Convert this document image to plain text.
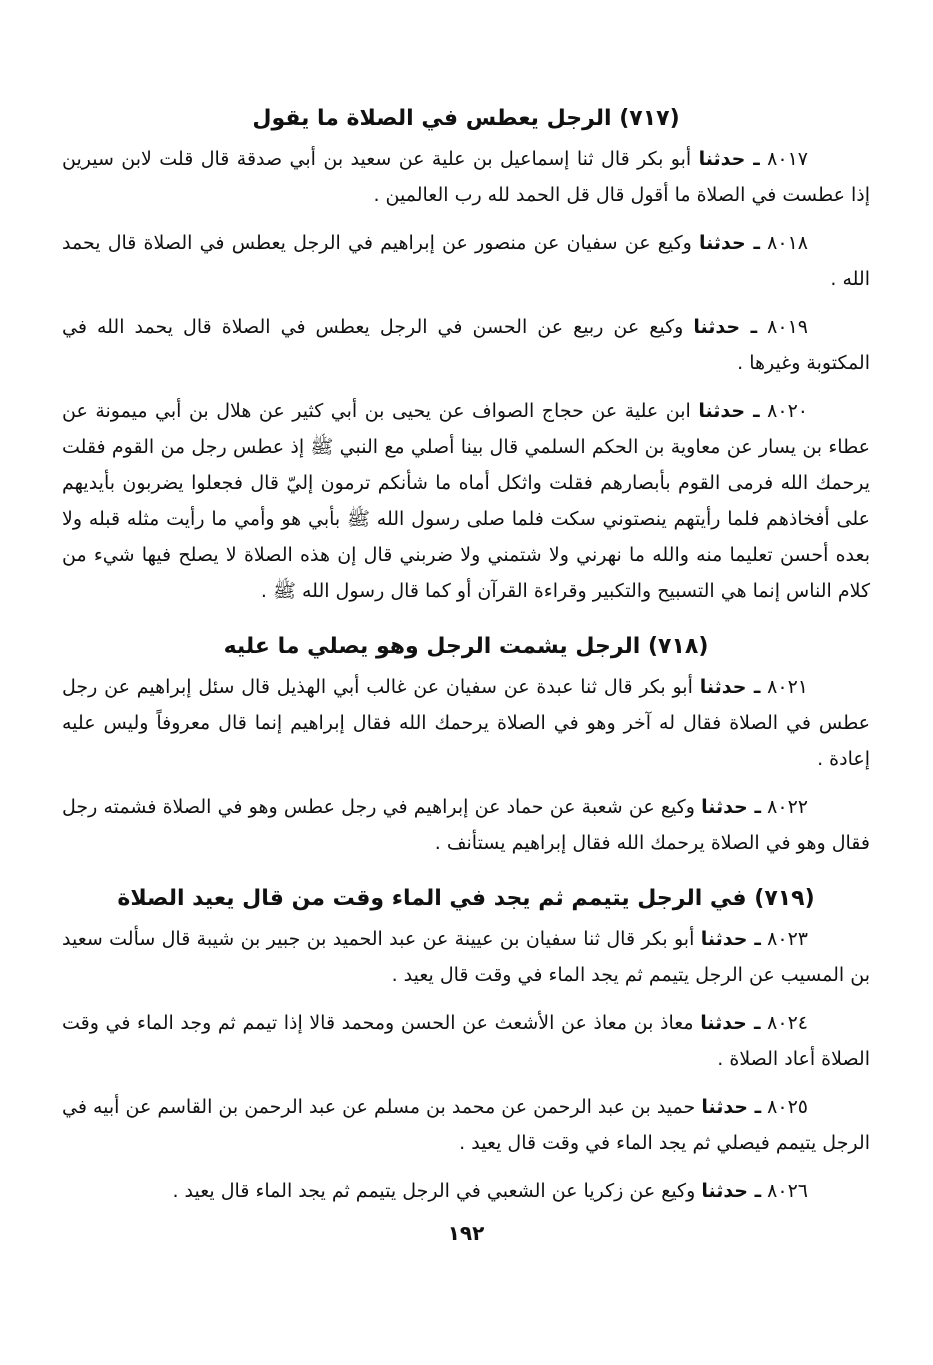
(٧١٧) الرجل يعطس في الصلاة ما يقول

٨٠١٧ ـ حدثنا أبو بكر قال ثنا إسماعيل بن علية عن سعيد بن أبي صدقة قال قلت لابن سيرين إذا عطست في الصلاة ما أقول قال قل الحمد لله رب العالمين .

٨٠١٨ ـ حدثنا وكيع عن سفيان عن منصور عن إبراهيم في الرجل يعطس في الصلاة قال يحمد الله .

٨٠١٩ ـ حدثنا وكيع عن ربيع عن الحسن في الرجل يعطس في الصلاة قال يحمد الله في المكتوبة وغيرها .

٨٠٢٠ ـ حدثنا ابن علية عن حجاج الصواف عن يحيى بن أبي كثير عن هلال بن أبي ميمونة عن عطاء بن يسار عن معاوية بن الحكم السلمي قال بينا أصلي مع النبي ﷺ إذ عطس رجل من القوم فقلت يرحمك الله فرمى القوم بأبصارهم فقلت واثكل أماه ما شأنكم ترمون إليّ قال فجعلوا يضربون بأيديهم على أفخاذهم فلما رأيتهم ينصتوني سكت فلما صلى رسول الله ﷺ بأبي هو وأمي ما رأيت مثله قبله ولا بعده أحسن تعليما منه والله ما نهرني ولا شتمني ولا ضربني قال إن هذه الصلاة لا يصلح فيها شيء من كلام الناس إنما هي التسبيح والتكبير وقراءة القرآن أو كما قال رسول الله ﷺ .

(٧١٨) الرجل يشمت الرجل وهو يصلي ما عليه

٨٠٢١ ـ حدثنا أبو بكر قال ثنا عبدة عن سفيان عن غالب أبي الهذيل قال سئل إبراهيم عن رجل عطس في الصلاة فقال له آخر وهو في الصلاة يرحمك الله فقال إبراهيم إنما قال معروفاً وليس عليه إعادة .

٨٠٢٢ ـ حدثنا وكيع عن شعبة عن حماد عن إبراهيم في رجل عطس وهو في الصلاة فشمته رجل فقال وهو في الصلاة يرحمك الله فقال إبراهيم يستأنف .

(٧١٩) في الرجل يتيمم ثم يجد في الماء وقت من قال يعيد الصلاة

٨٠٢٣ ـ حدثنا أبو بكر قال ثنا سفيان بن عيينة عن عبد الحميد بن جبير بن شيبة قال سألت سعيد بن المسيب عن الرجل يتيمم ثم يجد الماء في وقت قال يعيد .

٨٠٢٤ ـ حدثنا معاذ بن معاذ عن الأشعث عن الحسن ومحمد قالا إذا تيمم ثم وجد الماء في وقت الصلاة أعاد الصلاة .

٨٠٢٥ ـ حدثنا حميد بن عبد الرحمن عن محمد بن مسلم عن عبد الرحمن بن القاسم عن أبيه في الرجل يتيمم فيصلي ثم يجد الماء في وقت قال يعيد .

٨٠٢٦ ـ حدثنا وكيع عن زكريا عن الشعبي في الرجل يتيمم ثم يجد الماء قال يعيد .

١٩٢
